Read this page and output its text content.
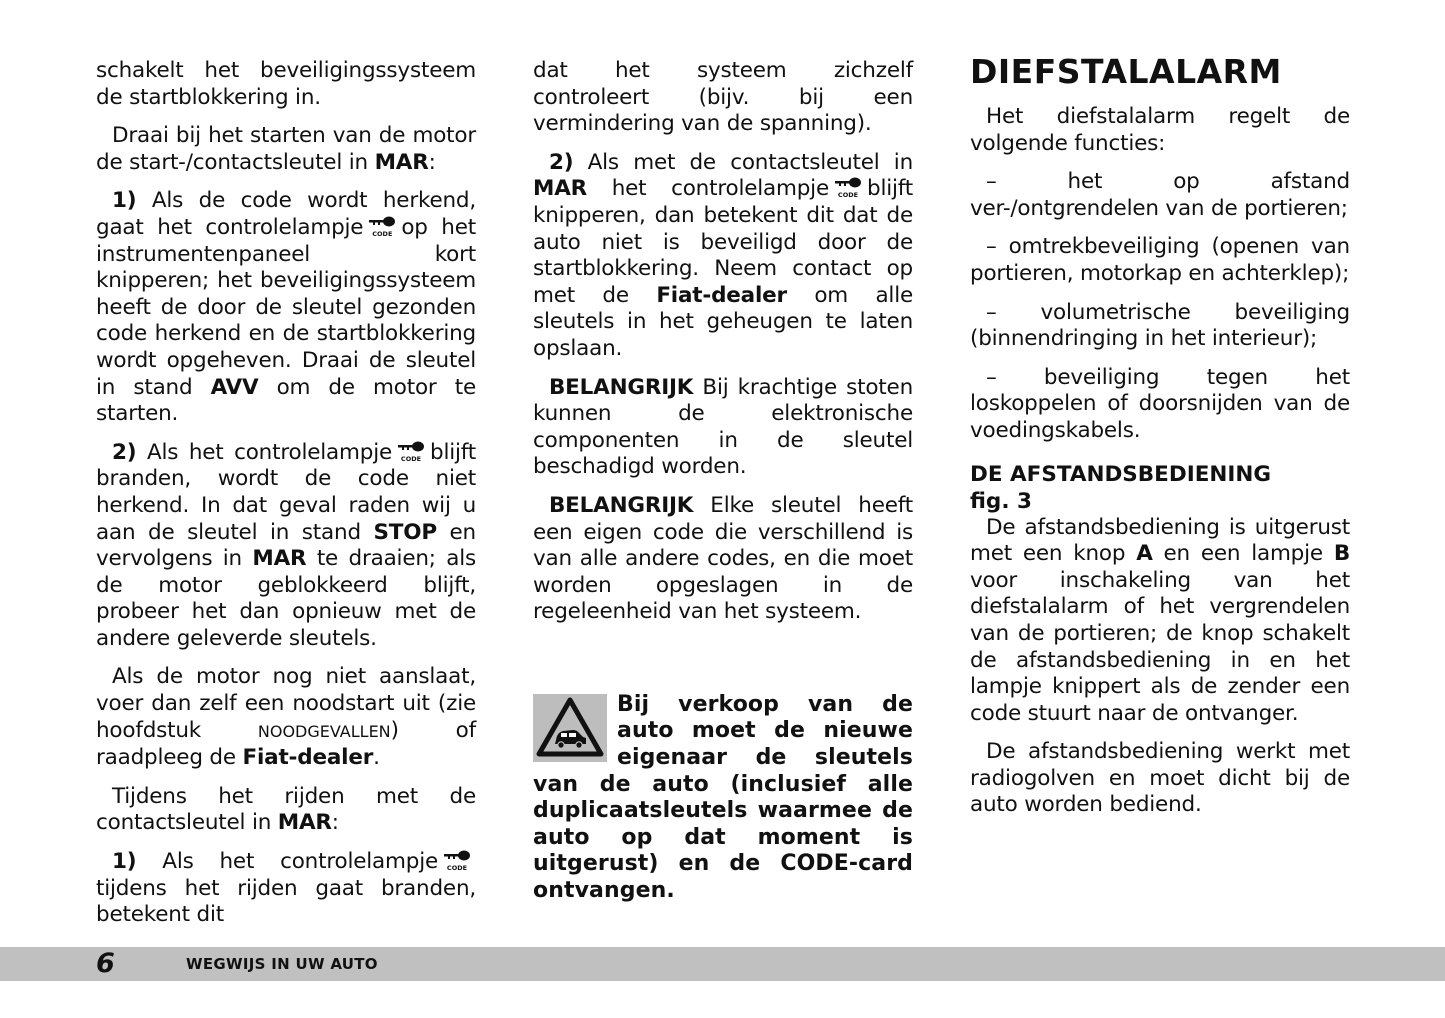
schakelt het beveiligingssysteem de startblokkering in.

Draai bij het starten van de motor de start-/contactsleutel in MAR:

1) Als de code wordt herkend, gaat het controlelampje	CODE op het instrumentenpaneel kort knipperen; het beveiligingssysteem heeft de door de sleutel gezonden code herkend en de startblokkering wordt opgeheven. Draai de sleutel in stand AVV om de motor te starten.

2) Als het controlelampje	CODE blijft branden, wordt de code niet herkend. In dat geval raden wij u aan de sleutel in stand STOP en vervolgens in MAR te draaien; als de motor geblokkeerd blijft, probeer het dan opnieuw met de andere geleverde sleutels.

Als de motor nog niet aanslaat, voer dan zelf een noodstart uit (zie hoofdstuk NOODGEVALLEN) of raadpleeg de Fiat-dealer.

Tijdens het rijden met de contactsleutel in MAR:

1) Als het controlelampje	CODE
tijdens het rijden gaat branden, betekent dit

dat het systeem zichzelf controleert (bijv. bij een vermindering van de spanning).

2) Als met de contactsleutel in MAR het controlelampje	CODE blijft knipperen, dan betekent dit dat de auto niet is beveiligd door de startblokkering. Neem contact op met de Fiat-dealer om alle sleutels in het geheugen te laten opslaan.

BELANGRIJK Bij krachtige stoten kunnen de elektronische componenten in de sleutel beschadigd worden.

BELANGRIJK Elke sleutel heeft een eigen code die verschillend is van alle andere codes, en die moet worden opgeslagen in de regeleenheid van het systeem.

Bij verkoop van de auto moet de nieuwe eigenaar de sleutels van de auto (inclusief alle duplicaatsleutels waarmee de auto op dat moment is uitgerust) en de CODE-card ontvangen.

DIEFSTALALARM

Het diefstalalarm regelt de volgende functies:

– het op afstand ver-/ontgrendelen van de portieren;

– omtrekbeveiliging (openen van portieren, motorkap en achterklep);

– volumetrische beveiliging (binnendringing in het interieur);

– beveiliging tegen het loskoppelen of doorsnijden van de voedingskabels.

DE AFSTANDSBEDIENING
fig. 3

De afstandsbediening is uitgerust met een knop A en een lampje B voor inschakeling van het diefstalalarm of het vergrendelen van de portieren; de knop schakelt de afstandsbediening in en het lampje knippert als de zender een code stuurt naar de ontvanger.

De afstandsbediening werkt met radiogolven en moet dicht bij de auto worden bediend.

6	WEGWIJS IN UW AUTO
